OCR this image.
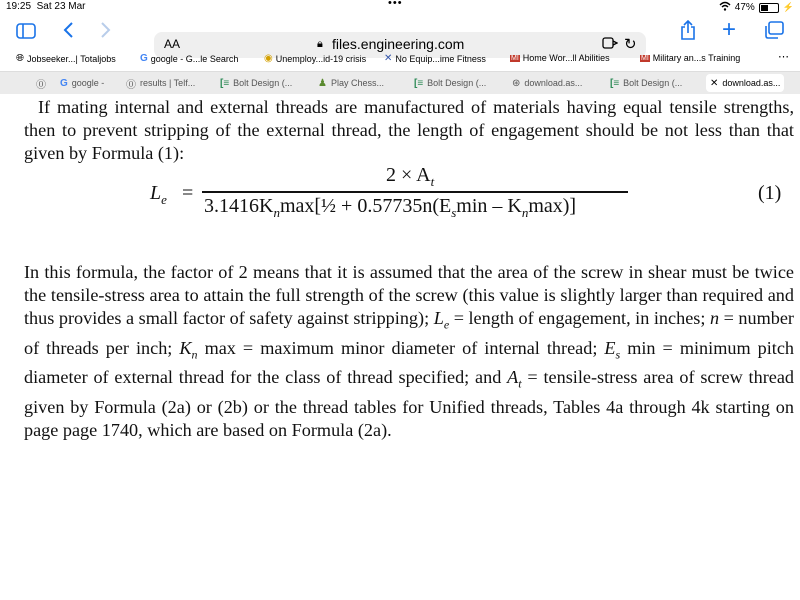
19:25 Sat 23 Mar	•••	47%	⚡
AA	🔒︎ files.engineering.com	↻
+
🌐︎ Jobseeker...| Totaljobs G google - G...le Search	◉ Unemploy...id-19 crisis ✕ No Equip...ime Fitness	MI Home Wor...ll Abilities	MI Military an...s Training	⋯
⓪ G google - ⓪ results | Telf... [≡ Bolt Design (...	♟ Play Chess...	[≡ Bolt Design (...	⊛ download.as...	[≡ Bolt Design (...	✕ download.as...

If mating internal and external threads are manufactured of materials having equal tensile strengths, then to prevent stripping of the external thread, the length of engagement should be not less than that given by Formula (1):

$L_e$ =
$2 \times A_t$
$3.1416K_n\max[\frac{1}{2} + 0.57735n(E_s\min - K_n\max)]$
(1)

In this formula, the factor of 2 means that it is assumed that the area of the screw in shear must be twice the tensile-stress area to attain the full strength of the screw (this value is slightly larger than required and thus provides a small factor of safety against stripping); $L_e$ = length of engagement, in inches; n = number of threads per inch; $K_n$ max = maximum minor diameter of internal thread; $E_s$ min = minimum pitch diameter of external thread for the class of thread specified; and $A_t$ = tensile-stress area of screw thread given by Formula (2a) or (2b) or the thread tables for Unified threads, Tables 4a through 4k starting on page page 1740, which are based on Formula (2a).
